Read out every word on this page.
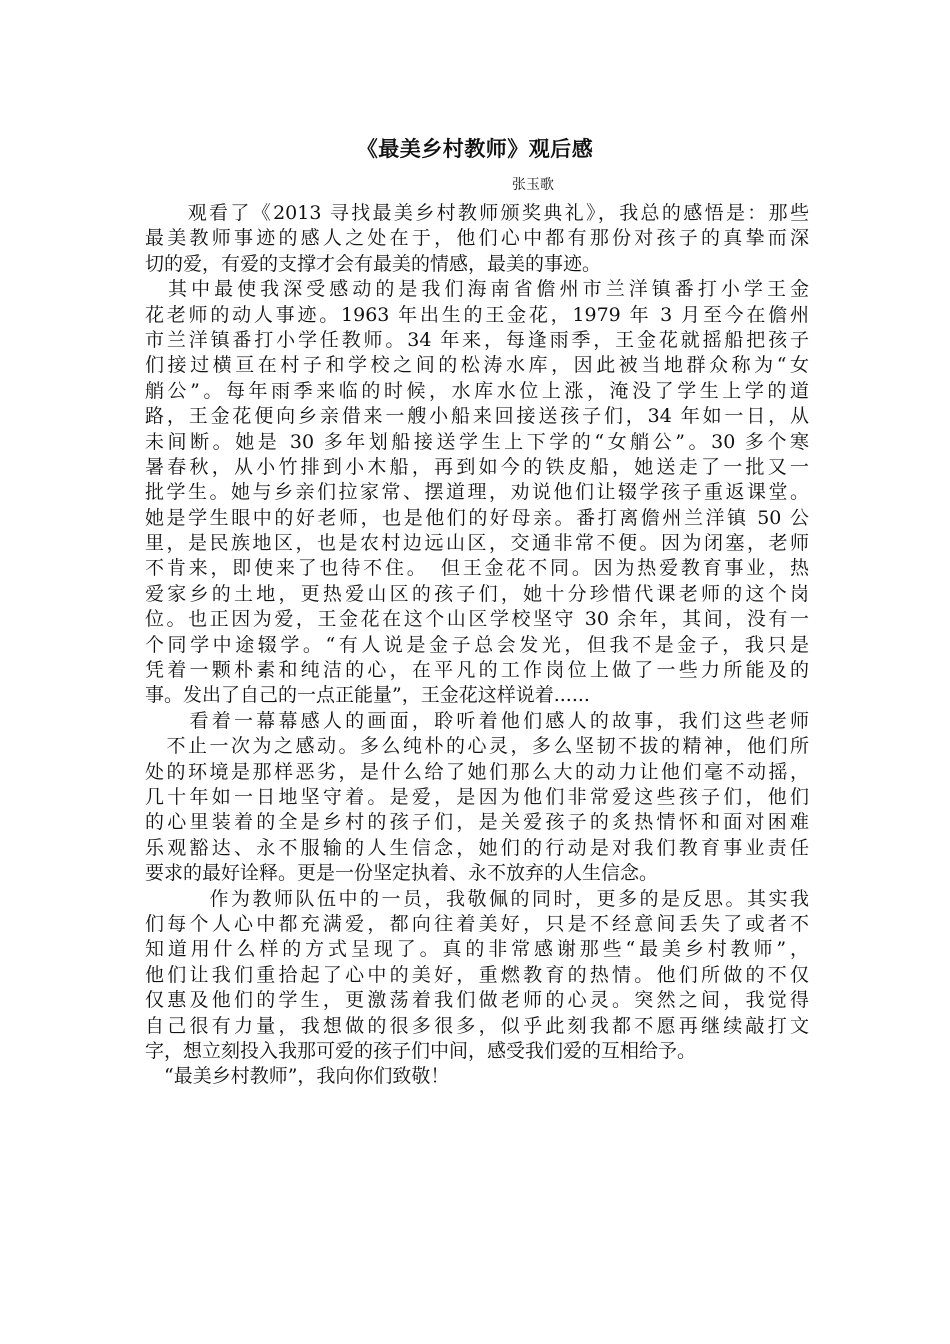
《最美乡村教师》观后感
张玉歌
　　观看了《2013 寻找最美乡村教师颁奖典礼》，我总的感悟是：那些
最美教师事迹的感人之处在于，他们心中都有那份对孩子的真挚而深
切的爱，有爱的支撑才会有最美的情感，最美的事迹。
　其中最使我深受感动的是我们海南省儋州市兰洋镇番打小学王金
花老师的动人事迹。1963 年出生的王金花，1979 年 3 月至今在儋州
市兰洋镇番打小学任教师。34 年来，每逢雨季，王金花就摇船把孩子
们接过横亘在村子和学校之间的松涛水库，因此被当地群众称为“女
艄公”。每年雨季来临的时候，水库水位上涨，淹没了学生上学的道
路，王金花便向乡亲借来一艘小船来回接送孩子们，34 年如一日，从
未间断。她是 30 多年划船接送学生上下学的“女艄公”。30 多个寒
暑春秋，从小竹排到小木船，再到如今的铁皮船，她送走了一批又一
批学生。她与乡亲们拉家常、摆道理，劝说他们让辍学孩子重返课堂。
她是学生眼中的好老师，也是他们的好母亲。番打离儋州兰洋镇 50 公
里，是民族地区，也是农村边远山区，交通非常不便。因为闭塞，老师
不肯来，即使来了也待不住。　但王金花不同。因为热爱教育事业，热
爱家乡的土地，更热爱山区的孩子们，她十分珍惜代课老师的这个岗
位。也正因为爱，王金花在这个山区学校坚守 30 余年，其间，没有一
个同学中途辍学。“有人说是金子总会发光，但我不是金子，我只是
凭着一颗朴素和纯洁的心，在平凡的工作岗位上做了一些力所能及的
事。发出了自己的一点正能量”，王金花这样说着......
　　看着一幕幕感人的画面，聆听着他们感人的故事，我们这些老师
　不止一次为之感动。多么纯朴的心灵，多么坚韧不拔的精神，他们所
处的环境是那样恶劣，是什么给了她们那么大的动力让他们毫不动摇，
几十年如一日地坚守着。是爱，是因为他们非常爱这些孩子们，他们
的心里装着的全是乡村的孩子们，是关爱孩子的炙热情怀和面对困难
乐观豁达、永不服输的人生信念，她们的行动是对我们教育事业责任
要求的最好诠释。更是一份坚定执着、永不放弃的人生信念。
　　　作为教师队伍中的一员，我敬佩的同时，更多的是反思。其实我
们每个人心中都充满爱，都向往着美好，只是不经意间丢失了或者不
知道用什么样的方式呈现了。真的非常感谢那些“最美乡村教师”，
他们让我们重拾起了心中的美好，重燃教育的热情。他们所做的不仅
仅惠及他们的学生，更激荡着我们做老师的心灵。突然之间，我觉得
自己很有力量，我想做的很多很多，似乎此刻我都不愿再继续敲打文
字，想立刻投入我那可爱的孩子们中间，感受我们爱的互相给予。
　“最美乡村教师”，我向你们致敬！
